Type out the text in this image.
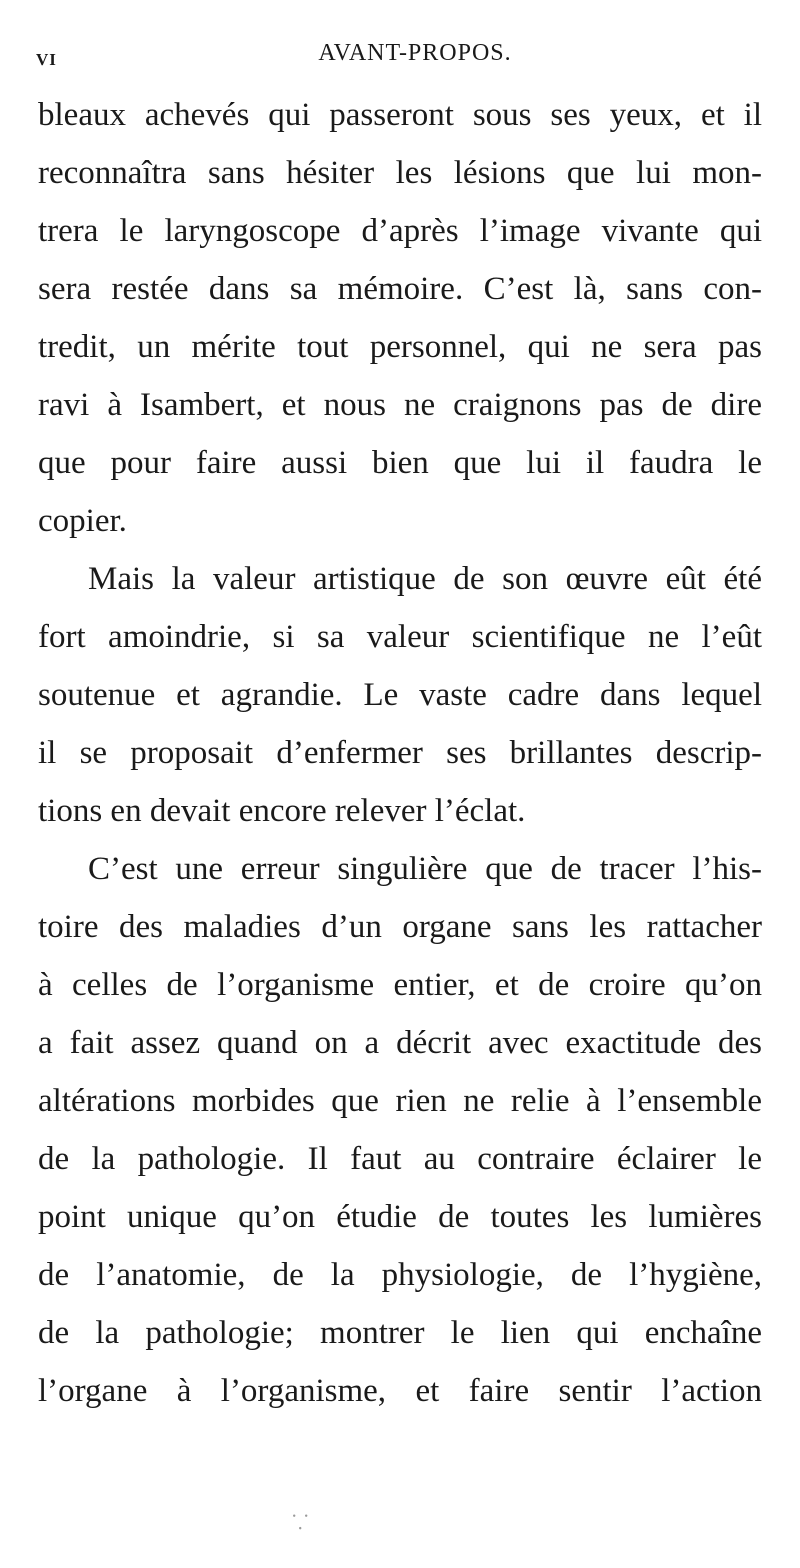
VI	AVANT-PROPOS.
bleaux achevés qui passeront sous ses yeux, et il
reconnaîtra sans hésiter les lésions que lui mon-
trera le laryngoscope d’après l’image vivante qui
sera restée dans sa mémoire. C’est là, sans con-
tredit, un mérite tout personnel, qui ne sera pas
ravi à Isambert, et nous ne craignons pas de dire
que pour faire aussi bien que lui il faudra le
copier.
Mais la valeur artistique de son œuvre eût été
fort amoindrie, si sa valeur scientifique ne l’eût
soutenue et agrandie. Le vaste cadre dans lequel
il se proposait d’enfermer ses brillantes descrip-
tions en devait encore relever l’éclat.
C’est une erreur singulière que de tracer l’his-
toire des maladies d’un organe sans les rattacher
à celles de l’organisme entier, et de croire qu’on
a fait assez quand on a décrit avec exactitude des
altérations morbides que rien ne relie à l’ensemble
de la pathologie. Il faut au contraire éclairer le
point unique qu’on étudie de toutes les lumières
de l’anatomie, de la physiologie, de l’hygiène,
de la pathologie; montrer le lien qui enchaîne
l’organe à l’organisme, et faire sentir l’action
⸪
